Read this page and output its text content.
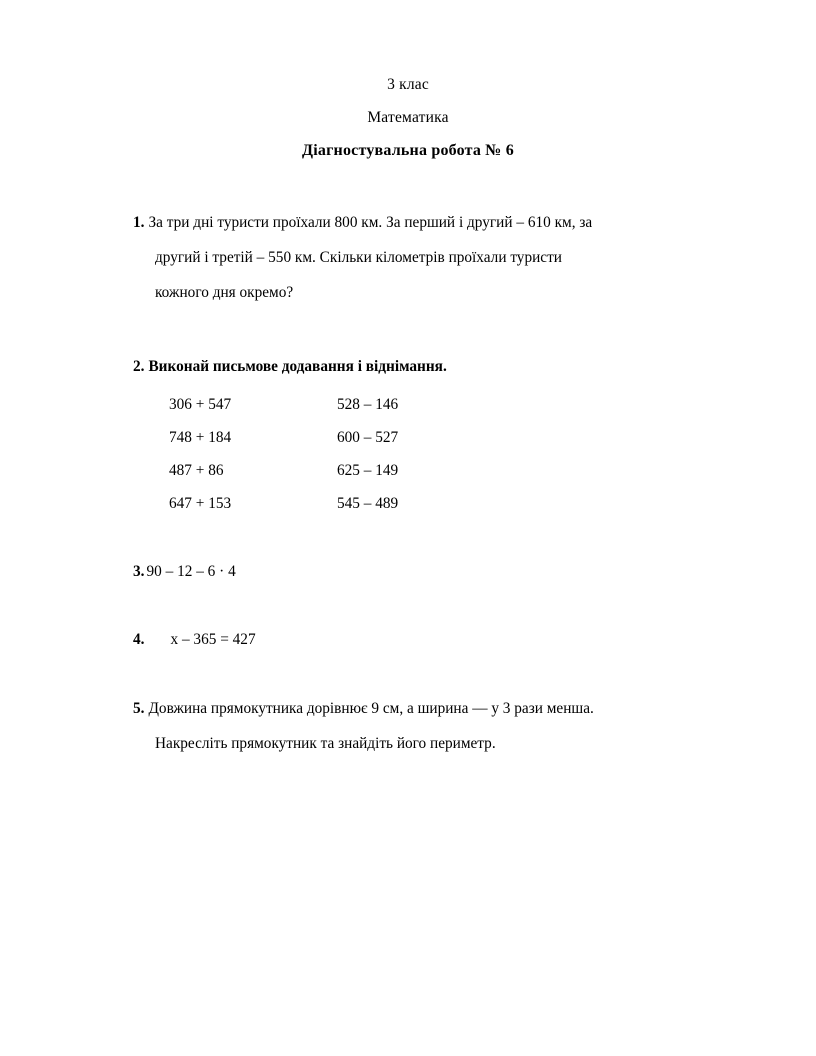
3 клас
Математика
Діагностувальна робота № 6
1. За три дні туристи проїхали 800 км. За перший і другий – 610 км, за другий і третій – 550 км. Скільки кілометрів проїхали туристи кожного дня окремо?
2. Виконай письмове додавання і віднімання.
306 + 547	528 – 146
748 + 184	600 – 527
487 + 86	625 – 149
647 + 153	545 – 489
3. 90 – 12 – 6 · 4
4. х – 365 = 427
5. Довжина прямокутника дорівнює 9 см, а ширина — у 3 рази менша. Накресліть прямокутник та знайдіть його периметр.
